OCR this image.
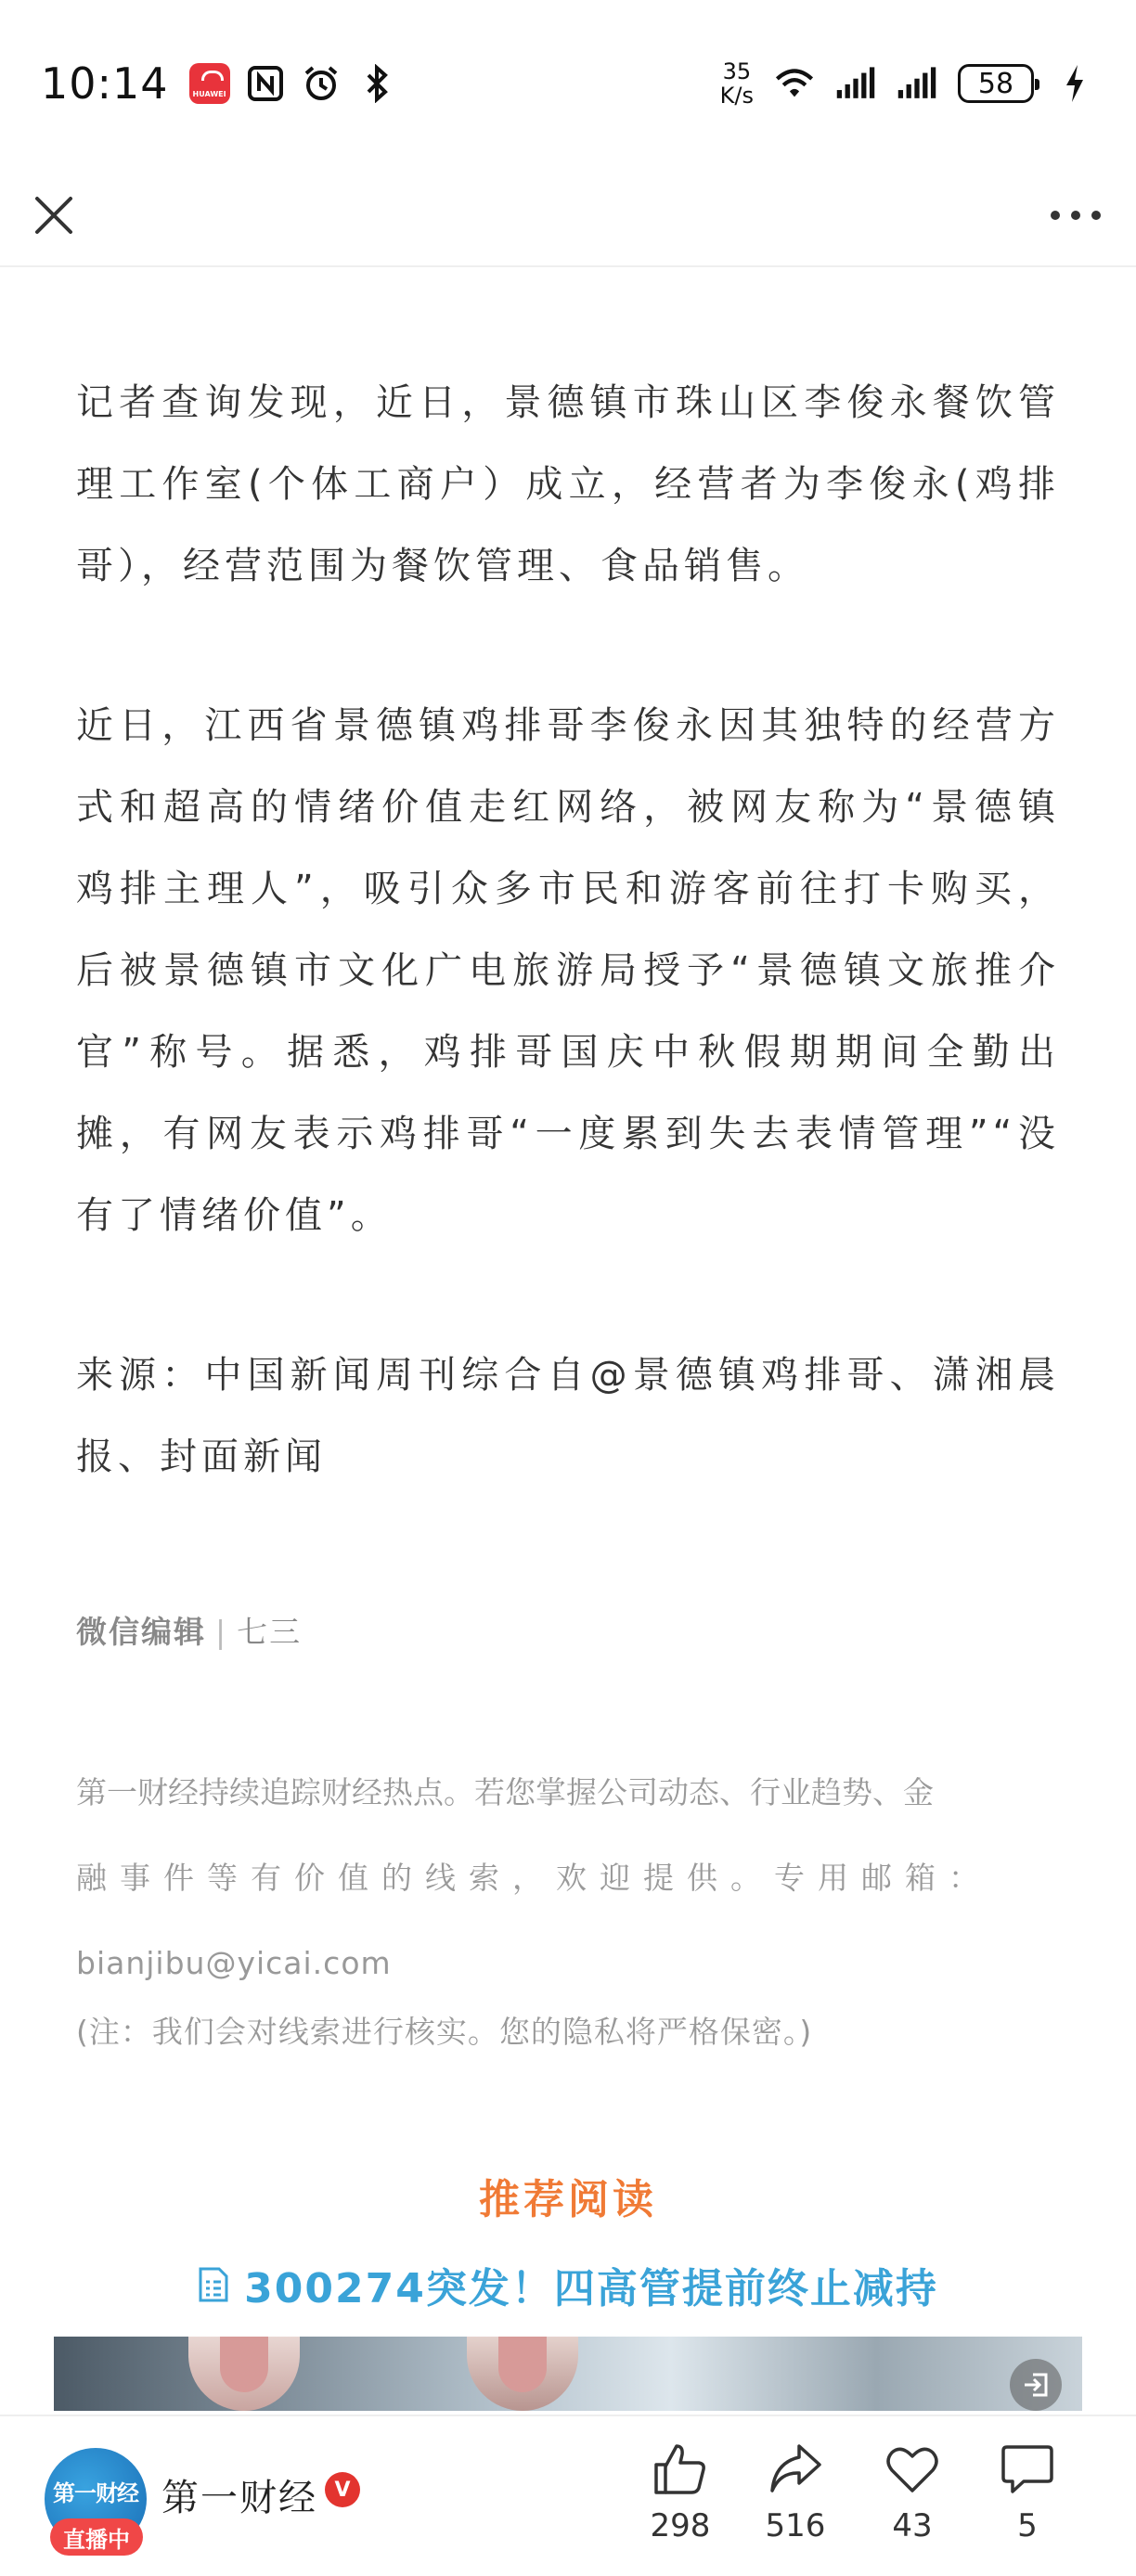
10:14	HUAWEI
35
K/s	58

记者查询发现，近日，景德镇市珠山区李俊永餐饮管理工作室(个体工商户）成立，经营者为李俊永(鸡排哥），经营范围为餐饮管理、食品销售。

近日，江西省景德镇鸡排哥李俊永因其独特的经营方式和超高的情绪价值走红网络，被网友称为“景德镇鸡排主理人”，吸引众多市民和游客前往打卡购买，后被景德镇市文化广电旅游局授予“景德镇文旅推介官”称号。据悉，鸡排哥国庆中秋假期期间全勤出摊，有网友表示鸡排哥“一度累到失去表情管理”“没有了情绪价值”。

来源：中国新闻周刊综合自@景德镇鸡排哥、潇湘晨报、封面新闻

微信编辑 | 七三
第一财经持续追踪财经热点。若您掌握公司动态、行业趋势、金
融事件等有价值的线索，欢迎提供。专用邮箱：
bianjibu@yicai.com
(注：我们会对线索进行核实。您的隐私将严格保密。)
推荐阅读
300274突发！四高管提前终止减持
第一财经
直播中
第一财经 V
298 516 43	5
